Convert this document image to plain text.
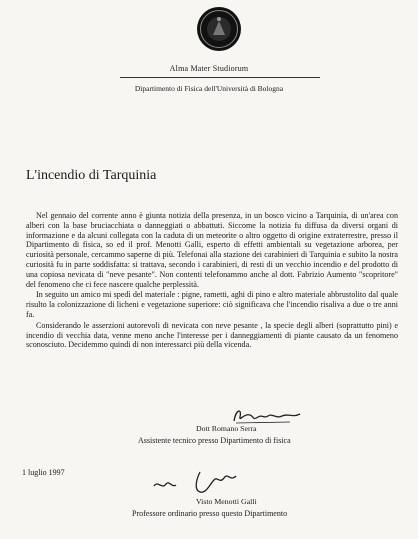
Alma Mater Studiorum
Dipartimento di Fisica dell'Università di Bologna
L'incendio di Tarquinia

Nel gennaio del corrente anno è giunta notizia della presenza, in un bosco vicino a Tarquinia, di un'area con alberi con la base bruciacchiata o danneggiati o abbattuti. Siccome la notizia fu diffusa da diversi organi di informazione e da alcuni collegata con la caduta di un meteorite o altro oggetto di origine extraterrestre, presso il Dipartimento di fisica, so ed il prof. Menotti Galli, esperto di effetti ambientali su vegetazione arborea, per curiosità personale, cercammo saperne di più. Telefonai alla stazione dei carabinieri di Tarquinia e subito la nostra curiosità fu in parte soddisfatta: si trattava, secondo i carabinieri, di resti di un vecchio incendio e del prodotto di una copiosa nevicata di "neve pesante". Non contenti telefonammo anche al dott. Fabrizio Aumento "scopritore" del fenomeno che ci fece nascere qualche perplessità.

In seguito un amico mi spedì del materiale : pigne, rametti, aghi di pino e altro materiale abbrustolito dal quale risulto la colonizzazione di licheni e vegetazione superiore: ciò significava che l'incendio risaliva a due o tre anni fa.

Considerando le asserzioni autorevoli di nevicata con neve pesante , la specie degli alberi (soprattutto pini) e incendio di vecchia data, venne meno anche l'interesse per i danneggiamenti di piante causato da un fenomeno sconosciuto. Decidemmo quindi di non interessarci più della vicenda.

Dott Romano Serra
Assistente tecnico presso Dipartimento di fisica
1 luglio 1997
Visto Menotti Galli
Professore ordinario presso questo Dipartimento
